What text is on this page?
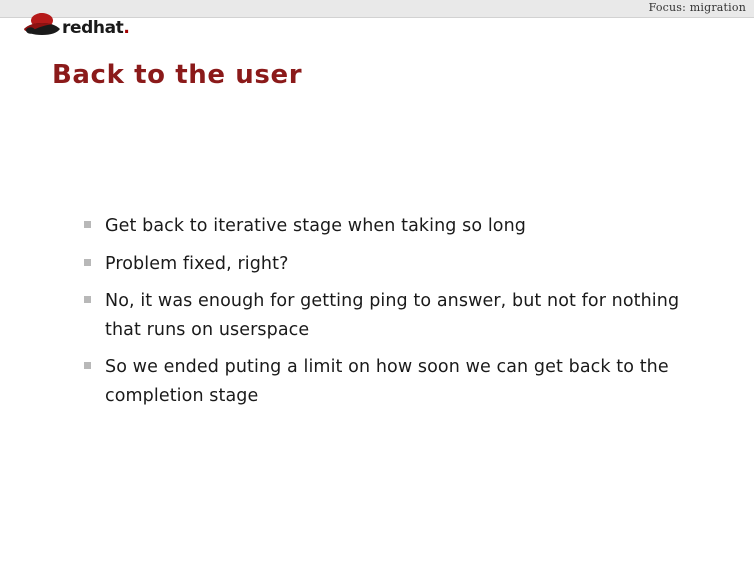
Focus: migration
redhat.
Back to the user
Get back to iterative stage when taking so long
Problem fixed, right?
No, it was enough for getting ping to answer, but not for nothing that runs on userspace
So we ended puting a limit on how soon we can get back to the completion stage
